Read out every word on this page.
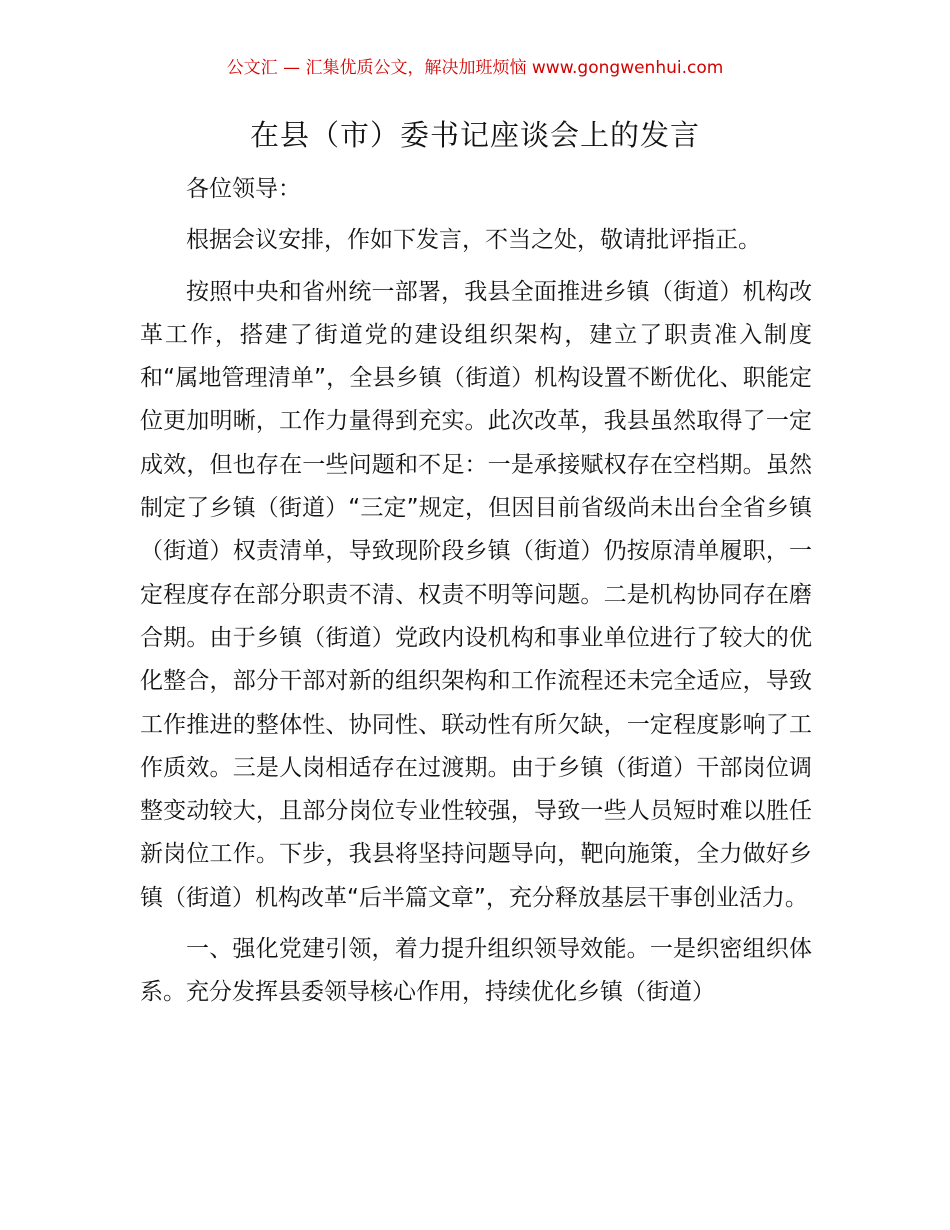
公文汇 — 汇集优质公文，解决加班烦恼 www.gongwenhui.com
在县（市）委书记座谈会上的发言

各位领导：

根据会议安排，作如下发言，不当之处，敬请批评指正。

按照中央和省州统一部署，我县全面推进乡镇（街道）机构改革工作，搭建了街道党的建设组织架构，建立了职责准入制度和“属地管理清单”，全县乡镇（街道）机构设置不断优化、职能定位更加明晰，工作力量得到充实。此次改革，我县虽然取得了一定成效，但也存在一些问题和不足：一是承接赋权存在空档期。虽然制定了乡镇（街道）“三定”规定，但因目前省级尚未出台全省乡镇（街道）权责清单，导致现阶段乡镇（街道）仍按原清单履职，一定程度存在部分职责不清、权责不明等问题。二是机构协同存在磨合期。由于乡镇（街道）党政内设机构和事业单位进行了较大的优化整合，部分干部对新的组织架构和工作流程还未完全适应，导致工作推进的整体性、协同性、联动性有所欠缺，一定程度影响了工作质效。三是人岗相适存在过渡期。由于乡镇（街道）干部岗位调整变动较大，且部分岗位专业性较强，导致一些人员短时难以胜任新岗位工作。下步，我县将坚持问题导向，靶向施策，全力做好乡镇（街道）机构改革“后半篇文章”，充分释放基层干事创业活力。

一、强化党建引领，着力提升组织领导效能。一是织密组织体系。充分发挥县委领导核心作用，持续优化乡镇（街道）
